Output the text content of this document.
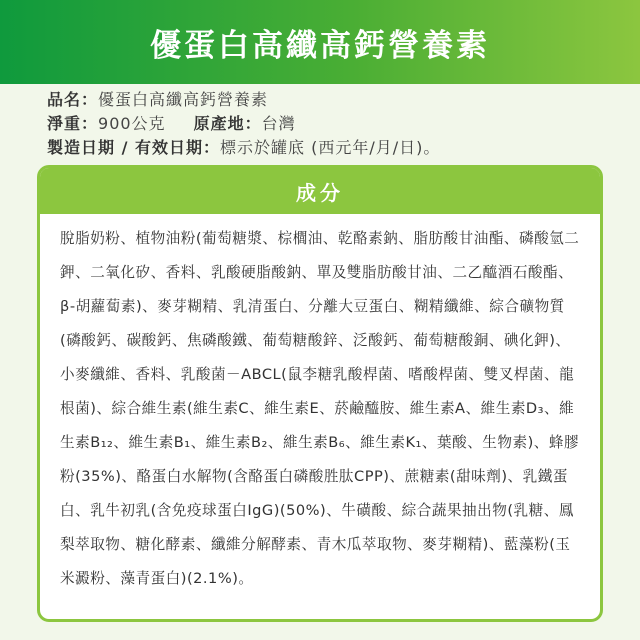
優蛋白高纖高鈣營養素
品名：優蛋白高纖高鈣營養素
淨重：900公克 原產地：台灣
製造日期 / 有效日期：標示於罐底 (西元年/月/日)。
成分

脫脂奶粉、植物油粉(葡萄糖漿、棕櫚油、乾酪素鈉、脂肪酸甘油酯、磷酸氫二鉀、二氧化矽、香料、乳酸硬脂酸鈉、單及雙脂肪酸甘油、二乙醯酒石酸酯、β-胡蘿蔔素)、麥芽糊精、乳清蛋白、分離大豆蛋白、糊精纖維、綜合礦物質(磷酸鈣、碳酸鈣、焦磷酸鐵、葡萄糖酸鋅、泛酸鈣、葡萄糖酸銅、碘化鉀)、小麥纖維、香料、乳酸菌－ABCL(鼠李糖乳酸桿菌、嗜酸桿菌、雙叉桿菌、龍根菌)、綜合維生素(維生素C、維生素E、菸鹼醯胺、維生素A、維生素D₃、維生素B₁₂、維生素B₁、維生素B₂、維生素B₆、維生素K₁、葉酸、生物素)、蜂膠粉(35%)、酪蛋白水解物(含酪蛋白磷酸胜肽CPP)、蔗糖素(甜味劑)、乳鐵蛋白、乳牛初乳(含免疫球蛋白IgG)(50%)、牛磺酸、綜合蔬果抽出物(乳糖、鳳梨萃取物、糖化酵素、纖維分解酵素、青木瓜萃取物、麥芽糊精)、藍藻粉(玉米澱粉、藻青蛋白)(2.1%)。
